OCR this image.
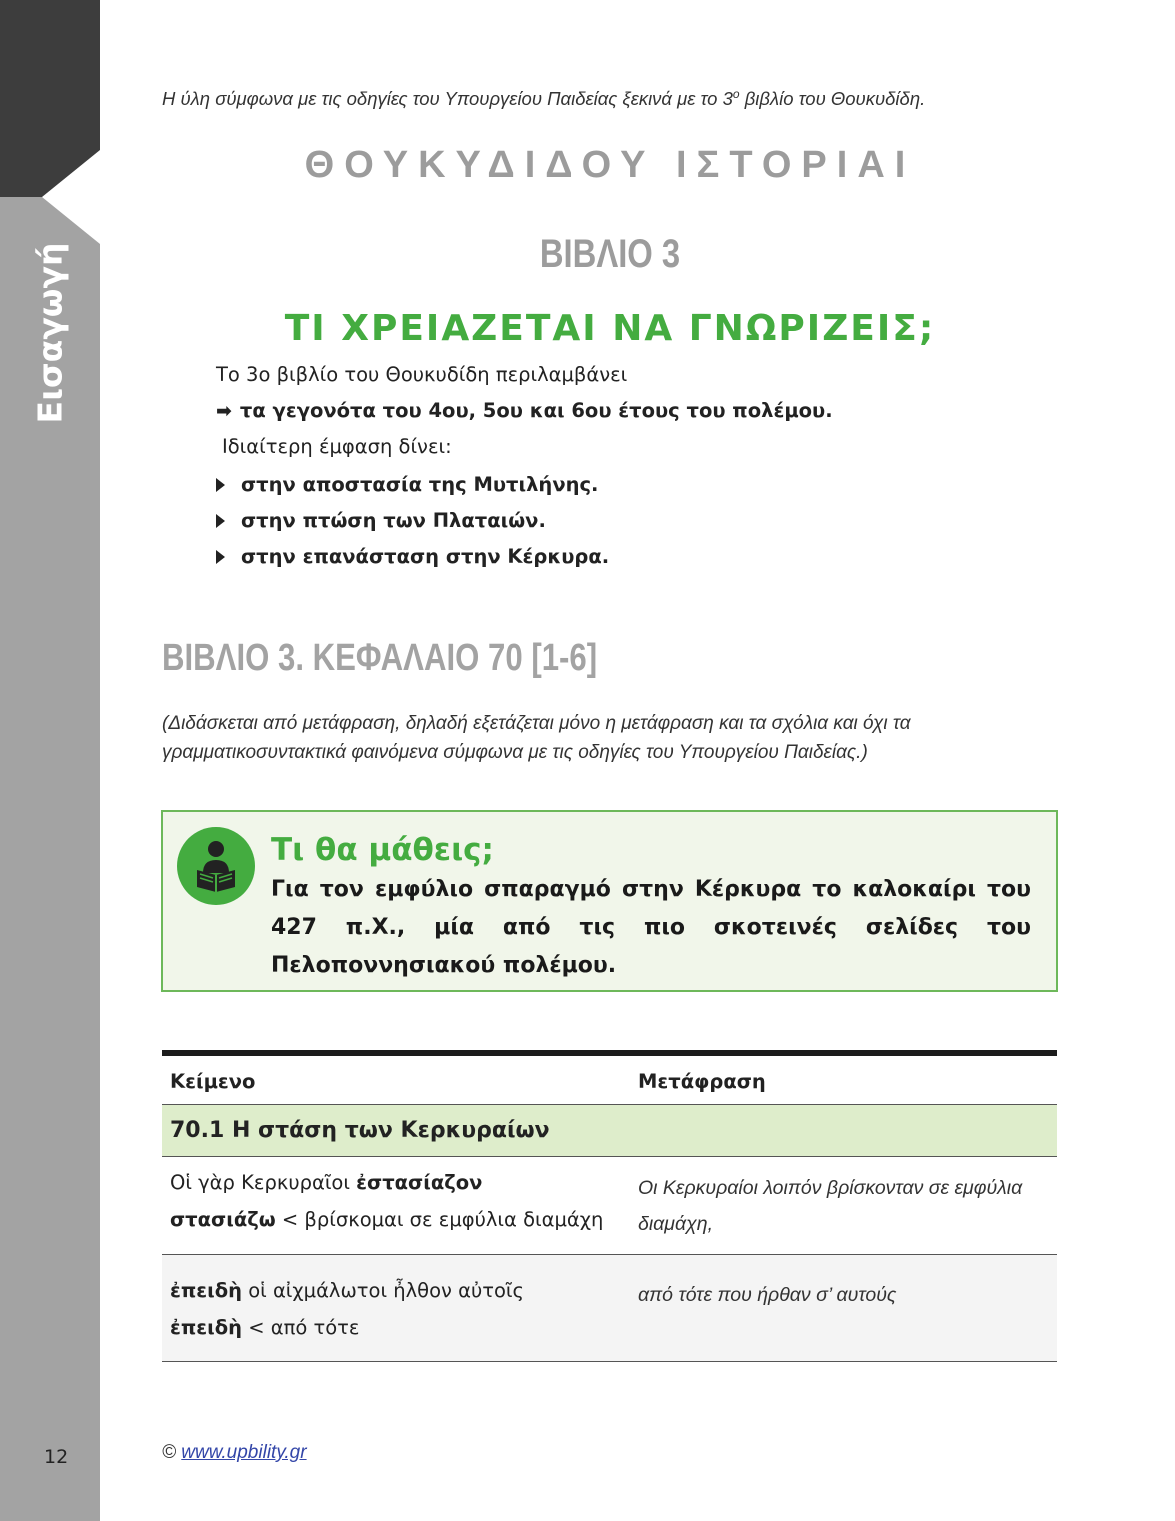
Εισαγωγή
12
Η ύλη σύμφωνα με τις οδηγίες του Υπουργείου Παιδείας ξεκινά με το $3^o$ βιβλίο του Θουκυδίδη.
ΘΟΥΚΥΔΙΔΟΥ ΙΣΤΟΡΙΑΙ
ΒΙΒΛΙΟ 3
ΤΙ ΧΡΕΙΑΖΕΤΑΙ ΝΑ ΓΝΩΡΙΖΕΙΣ;
Το 3ο βιβλίο του Θουκυδίδη περιλαμβάνει
➡ τα γεγονότα του 4ου, 5ου και 6ου έτους του πολέμου.
Ιδιαίτερη έμφαση δίνει:
στην αποστασία της Μυτιλήνης.
στην πτώση των Πλαταιών.
στην επανάσταση στην Κέρκυρα.
ΒΙΒΛΙΟ 3. ΚΕΦΑΛΑΙΟ 70 [1-6]
(Διδάσκεται από μετάφραση, δηλαδή εξετάζεται μόνο η μετάφραση και τα σχόλια και όχι τα γραμματικοσυντακτικά φαινόμενα σύμφωνα με τις οδηγίες του Υπουργείου Παιδείας.)
Τι θα μάθεις;
Για τον εμφύλιο σπαραγμό στην Κέρκυρα το καλοκαίρι του 427 π.Χ., μία από τις πιο σκοτεινές σελίδες του Πελοποννησιακού πολέμου.
Κείμενο	Μετάφραση
70.1 Η στάση των Κερκυραίων
Οἱ γὰρ Κερκυραῖοι ἐστασίαζον
στασιάζω < βρίσκομαι σε εμφύλια διαμάχη
Οι Κερκυραίοι λοιπόν βρίσκονταν σε εμφύλια διαμάχη,
ἐπειδὴ οἱ αἰχμάλωτοι ἦλθον αὐτοῖς
ἐπειδὴ < από τότε
από τότε που ήρθαν σ’ αυτούς
© www.upbility.gr
